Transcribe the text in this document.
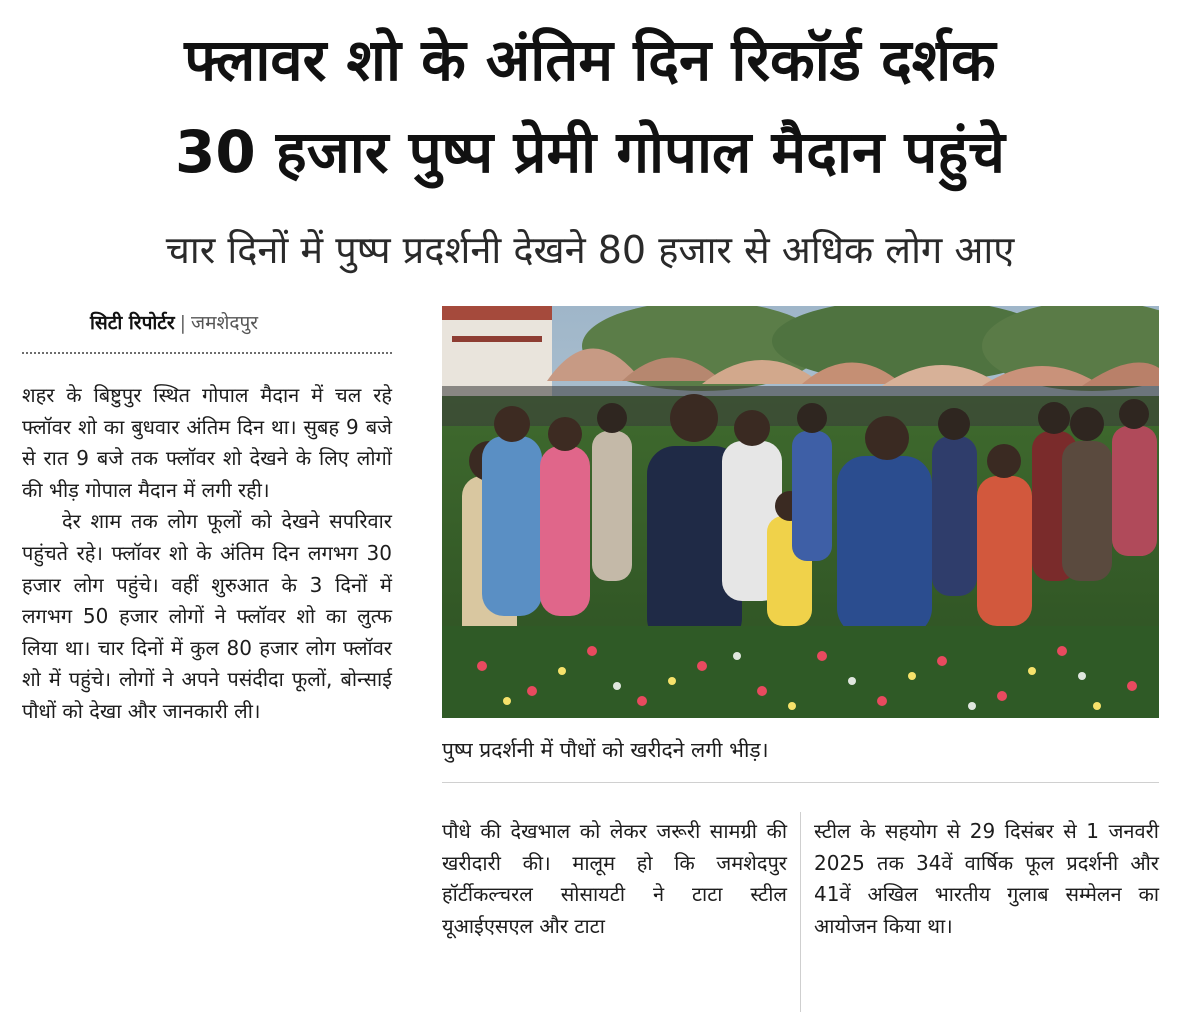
फ्लावर शो के अंतिम दिन रिकॉर्ड दर्शक
30 हजार पुष्प प्रेमी गोपाल मैदान पहुंचे
चार दिनों में पुष्प प्रदर्शनी देखने 80 हजार से अधिक लोग आए
सिटी रिपोर्टर | जमशेदपुर

शहर के बिष्टुपुर स्थित गोपाल मैदान में चल रहे फ्लॉवर शो का बुधवार अंतिम दिन था। सुबह 9 बजे से रात 9 बजे तक फ्लॉवर शो देखने के लिए लोगों की भीड़ गोपाल मैदान में लगी रही।

देर शाम तक लोग फूलों को देखने सपरिवार पहुंचते रहे। फ्लॉवर शो के अंतिम दिन लगभग 30 हजार लोग पहुंचे। वहीं शुरुआत के 3 दिनों में लगभग 50 हजार लोगों ने फ्लॉवर शो का लुत्फ लिया था। चार दिनों में कुल 80 हजार लोग फ्लॉवर शो में पहुंचे। लोगों ने अपने पसंदीदा फूलों, बोन्साई पौधों को देखा और जानकारी ली।

पुष्प प्रदर्शनी में पौधों को खरीदने लगी भीड़।
पौधे की देखभाल को लेकर जरूरी सामग्री की खरीदारी की। मालूम हो कि जमशेदपुर हॉर्टीकल्चरल सोसायटी ने टाटा स्टील यूआईएसएल और टाटा
स्टील के सहयोग से 29 दिसंबर से 1 जनवरी 2025 तक 34वें वार्षिक फूल प्रदर्शनी और 41वें अखिल भारतीय गुलाब सम्मेलन का आयोजन किया था।
